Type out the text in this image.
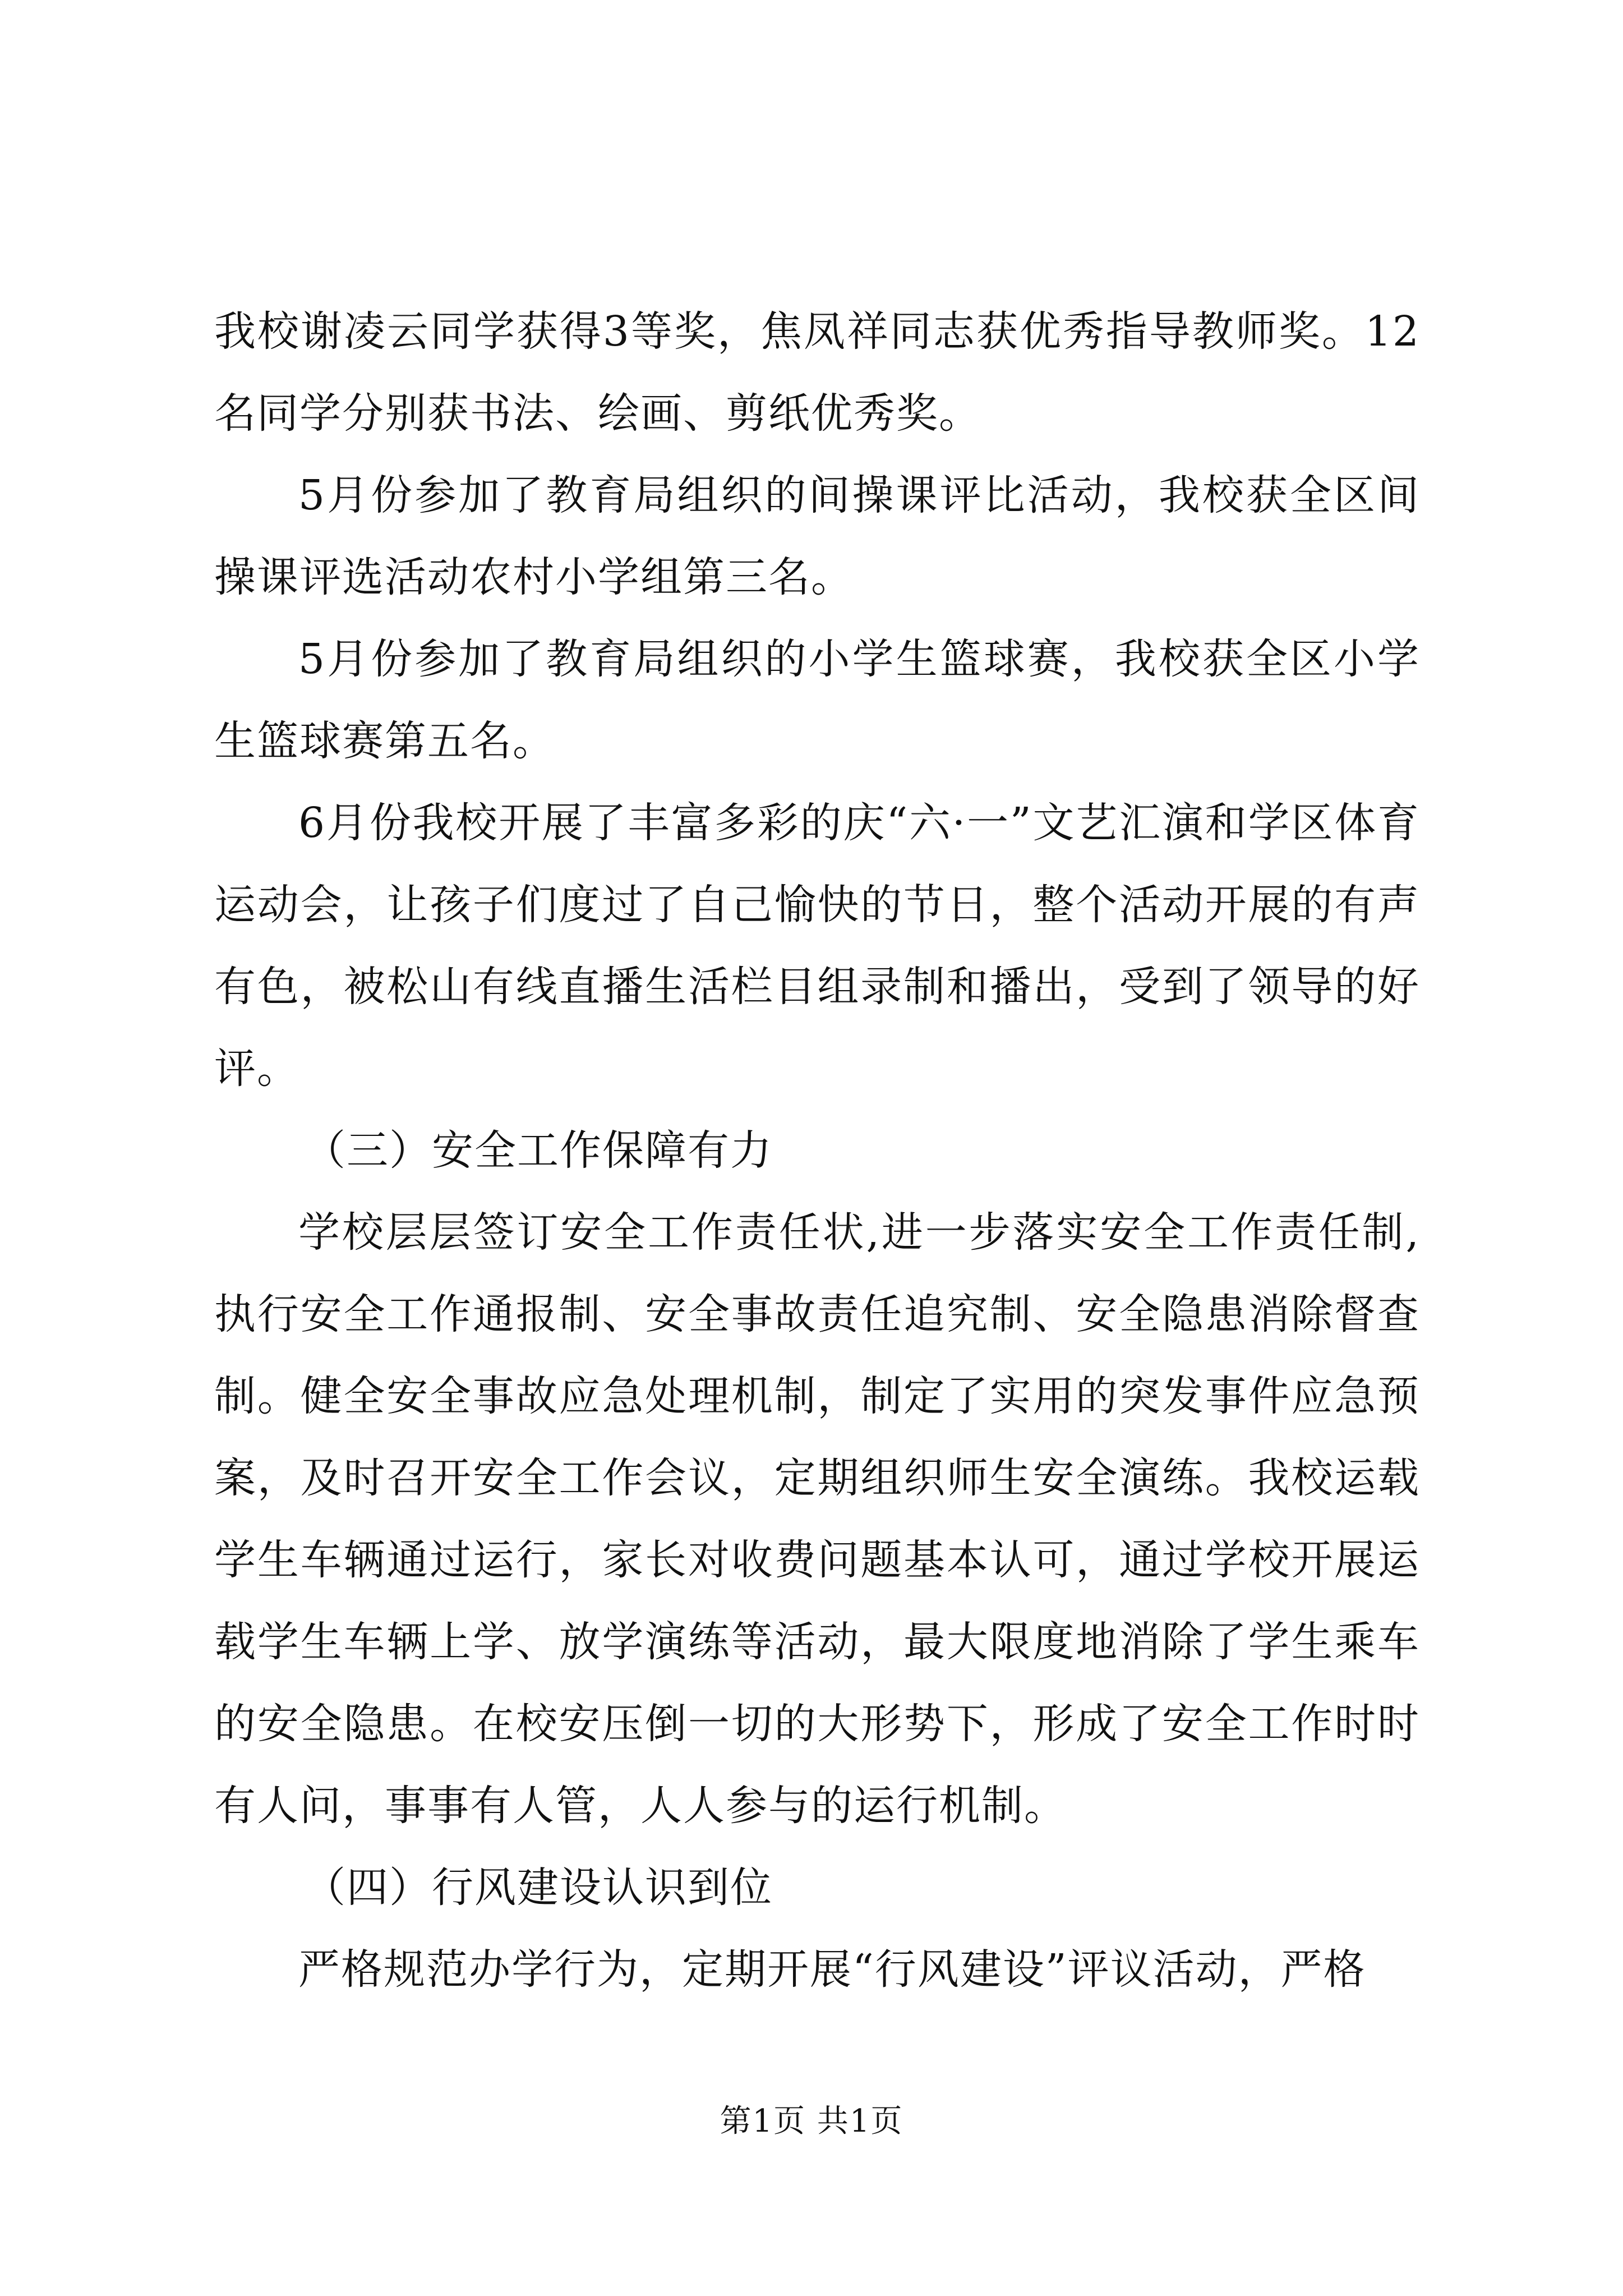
我校谢凌云同学获得3等奖，焦凤祥同志获优秀指导教师奖。12名同学分别获书法、绘画、剪纸优秀奖。

5月份参加了教育局组织的间操课评比活动，我校获全区间操课评选活动农村小学组第三名。

5月份参加了教育局组织的小学生篮球赛，我校获全区小学生篮球赛第五名。

6月份我校开展了丰富多彩的庆“六·一”文艺汇演和学区体育运动会，让孩子们度过了自己愉快的节日，整个活动开展的有声有色，被松山有线直播生活栏目组录制和播出，受到了领导的好评。

（三）安全工作保障有力

学校层层签订安全工作责任状,进一步落实安全工作责任制,执行安全工作通报制、安全事故责任追究制、安全隐患消除督查制。健全安全事故应急处理机制，制定了实用的突发事件应急预案，及时召开安全工作会议，定期组织师生安全演练。我校运载学生车辆通过运行，家长对收费问题基本认可，通过学校开展运载学生车辆上学、放学演练等活动，最大限度地消除了学生乘车的安全隐患。在校安压倒一切的大形势下，形成了安全工作时时有人问，事事有人管，人人参与的运行机制。

（四）行风建设认识到位

严格规范办学行为，定期开展“行风建设”评议活动，严格

第1页 共1页
